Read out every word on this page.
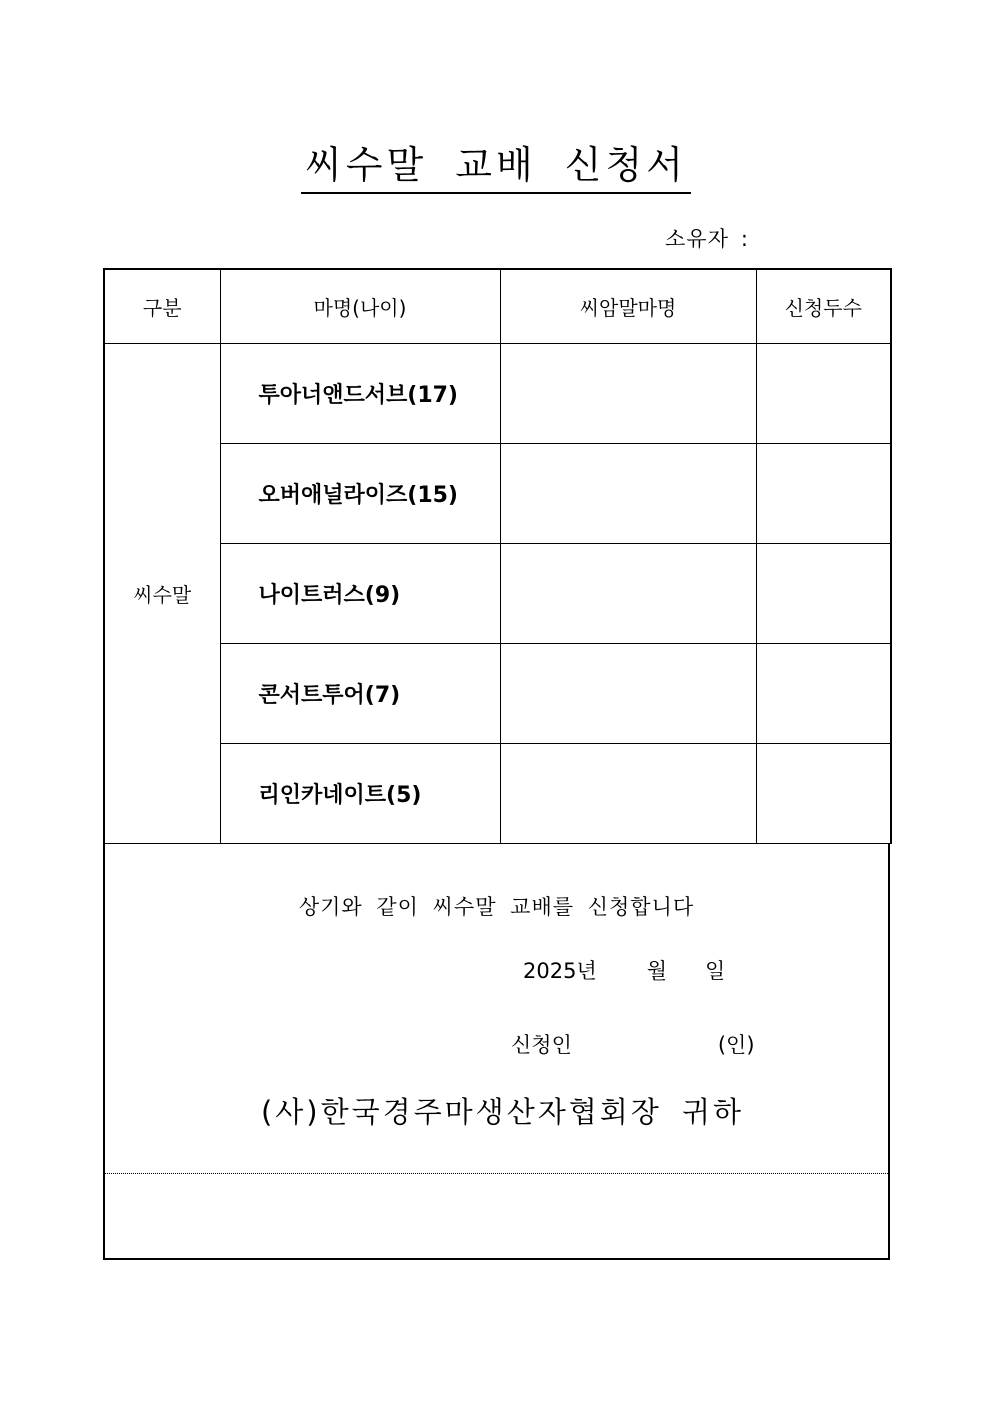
씨수말 교배 신청서
소유자 :
구분	마명(나이)	씨암말마명	신청두수
씨수말	투아너앤드서브(17)		
	오버애널라이즈(15)		
	나이트러스(9)		
	콘서트투어(7)		
	리인카네이트(5)		
상기와 같이 씨수말 교배를 신청합니다
2025년 월 일
신청인	(인)
(사)한국경주마생산자협회장 귀하
